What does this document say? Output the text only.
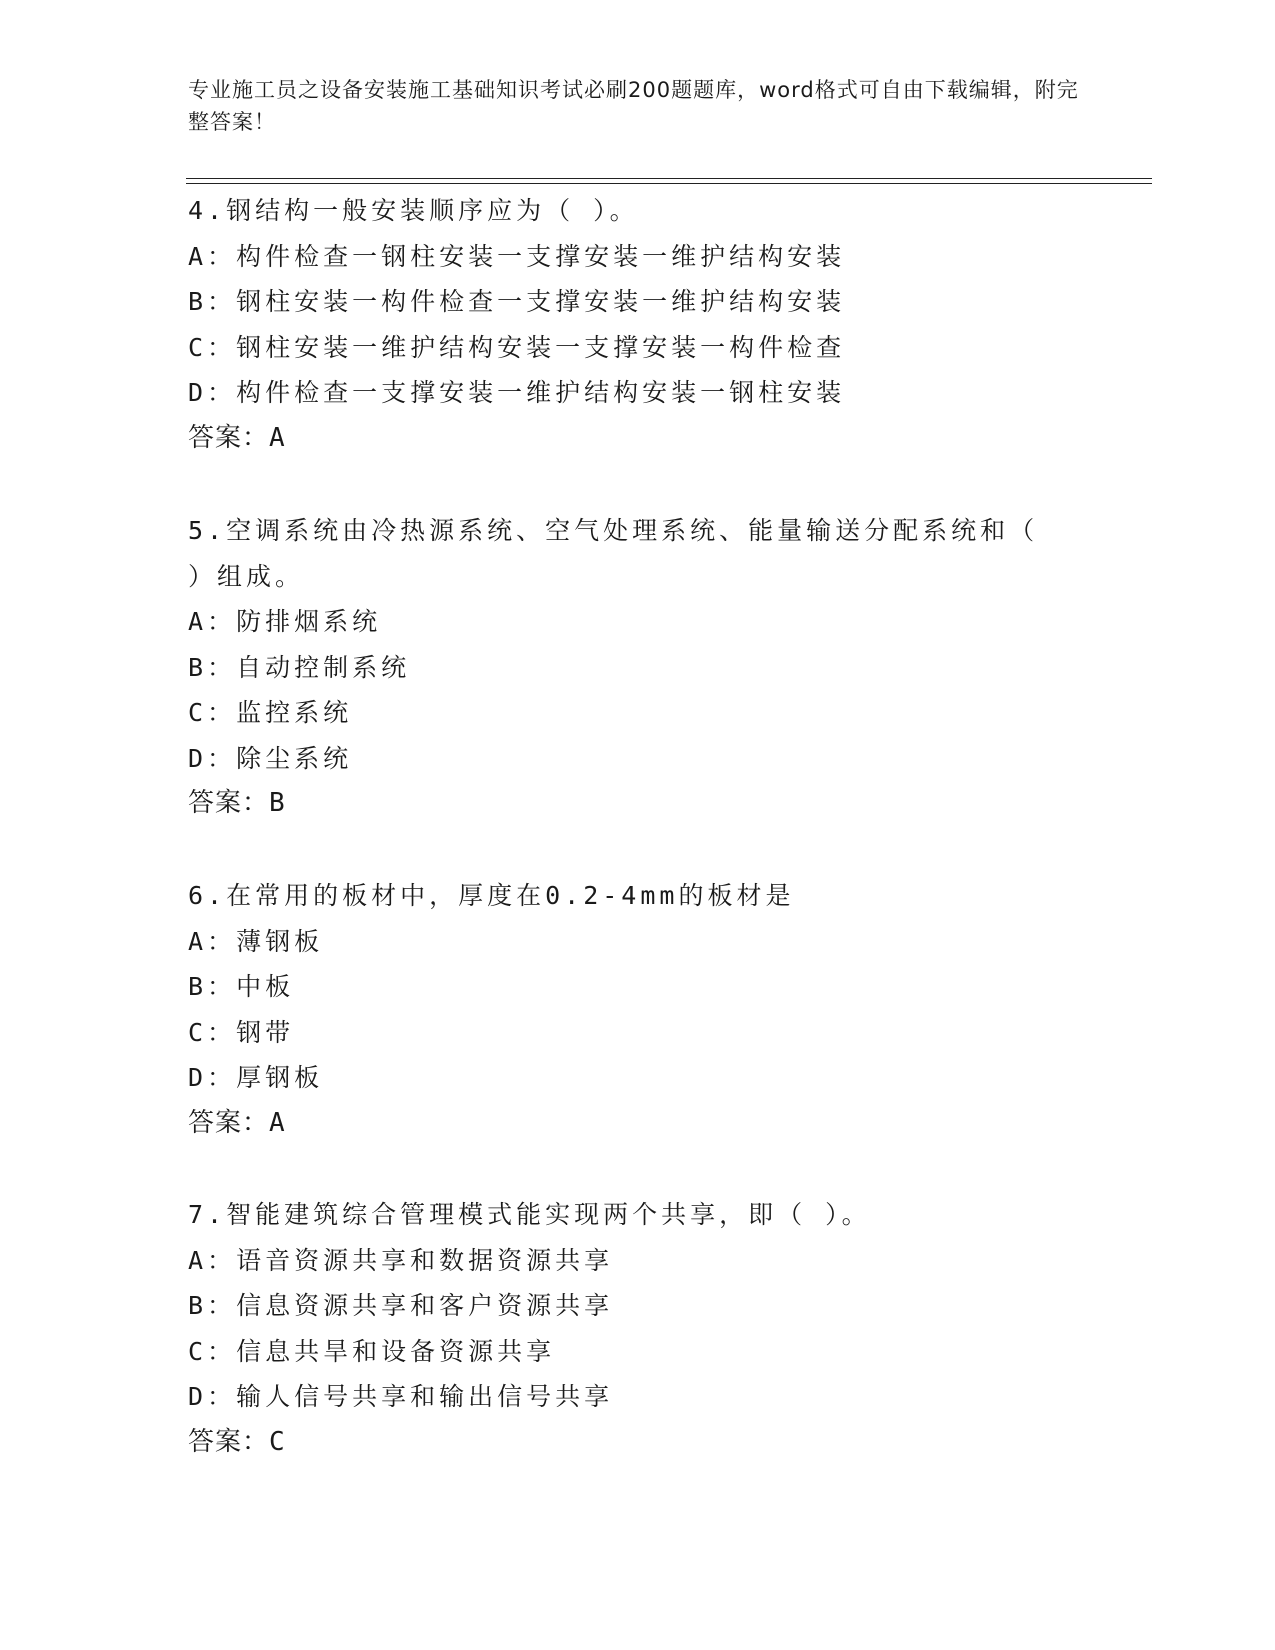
专业施工员之设备安装施工基础知识考试必刷200题题库，word格式可自由下载编辑，附完整答案！
4.钢结构一般安装顺序应为（ ）。
A：构件检查一钢柱安装一支撑安装一维护结构安装
B：钢柱安装一构件检查一支撑安装一维护结构安装
C：钢柱安装一维护结构安装一支撑安装一构件检查
D：构件检查一支撑安装一维护结构安装一钢柱安装
答案：A
5.空调系统由冷热源系统、空气处理系统、能量输送分配系统和（ ）组成。
A：防排烟系统
B：自动控制系统
C：监控系统
D：除尘系统
答案：B
6.在常用的板材中，厚度在0.2-4mm的板材是
A：薄钢板
B：中板
C：钢带
D：厚钢板
答案：A
7.智能建筑综合管理模式能实现两个共享，即（ ）。
A：语音资源共享和数据资源共享
B：信息资源共享和客户资源共享
C：信息共旱和设备资源共享
D：输人信号共享和输出信号共享
答案：C
